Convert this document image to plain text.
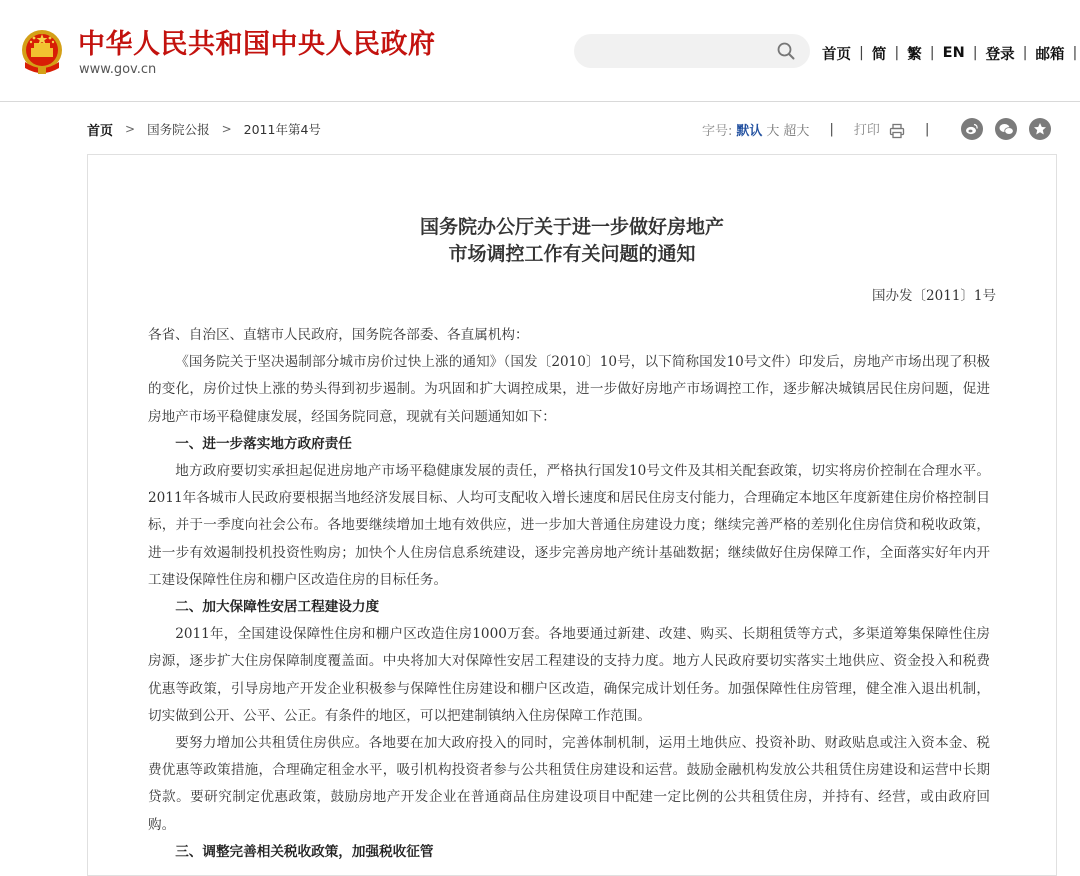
中华人民共和国中央人民政府
www.gov.cn
首页 | 简 | 繁 | EN | 登录 | 邮箱 |
首页 > 国务院公报 > 2011年第4号	字号: 默认 大 超大 | 打印	|
国务院办公厅关于进一步做好房地产
市场调控工作有关问题的通知
国办发〔2011〕1号

各省、自治区、直辖市人民政府，国务院各部委、各直属机构：

《国务院关于坚决遏制部分城市房价过快上涨的通知》（国发〔2010〕10号，以下简称国发10号文件）印发后，房地产市场出现了积极的变化，房价过快上涨的势头得到初步遏制。为巩固和扩大调控成果，进一步做好房地产市场调控工作，逐步解决城镇居民住房问题，促进房地产市场平稳健康发展，经国务院同意，现就有关问题通知如下：

一、进一步落实地方政府责任

地方政府要切实承担起促进房地产市场平稳健康发展的责任，严格执行国发10号文件及其相关配套政策，切实将房价控制在合理水平。2011年各城市人民政府要根据当地经济发展目标、人均可支配收入增长速度和居民住房支付能力，合理确定本地区年度新建住房价格控制目标，并于一季度向社会公布。各地要继续增加土地有效供应，进一步加大普通住房建设力度；继续完善严格的差别化住房信贷和税收政策，进一步有效遏制投机投资性购房；加快个人住房信息系统建设，逐步完善房地产统计基础数据；继续做好住房保障工作，全面落实好年内开工建设保障性住房和棚户区改造住房的目标任务。

二、加大保障性安居工程建设力度

2011年，全国建设保障性住房和棚户区改造住房1000万套。各地要通过新建、改建、购买、长期租赁等方式，多渠道筹集保障性住房房源，逐步扩大住房保障制度覆盖面。中央将加大对保障性安居工程建设的支持力度。地方人民政府要切实落实土地供应、资金投入和税费优惠等政策，引导房地产开发企业积极参与保障性住房建设和棚户区改造，确保完成计划任务。加强保障性住房管理，健全准入退出机制，切实做到公开、公平、公正。有条件的地区，可以把建制镇纳入住房保障工作范围。

要努力增加公共租赁住房供应。各地要在加大政府投入的同时，完善体制机制，运用土地供应、投资补助、财政贴息或注入资本金、税费优惠等政策措施，合理确定租金水平，吸引机构投资者参与公共租赁住房建设和运营。鼓励金融机构发放公共租赁住房建设和运营中长期贷款。要研究制定优惠政策，鼓励房地产开发企业在普通商品住房建设项目中配建一定比例的公共租赁住房，并持有、经营，或由政府回购。

三、调整完善相关税收政策，加强税收征管
